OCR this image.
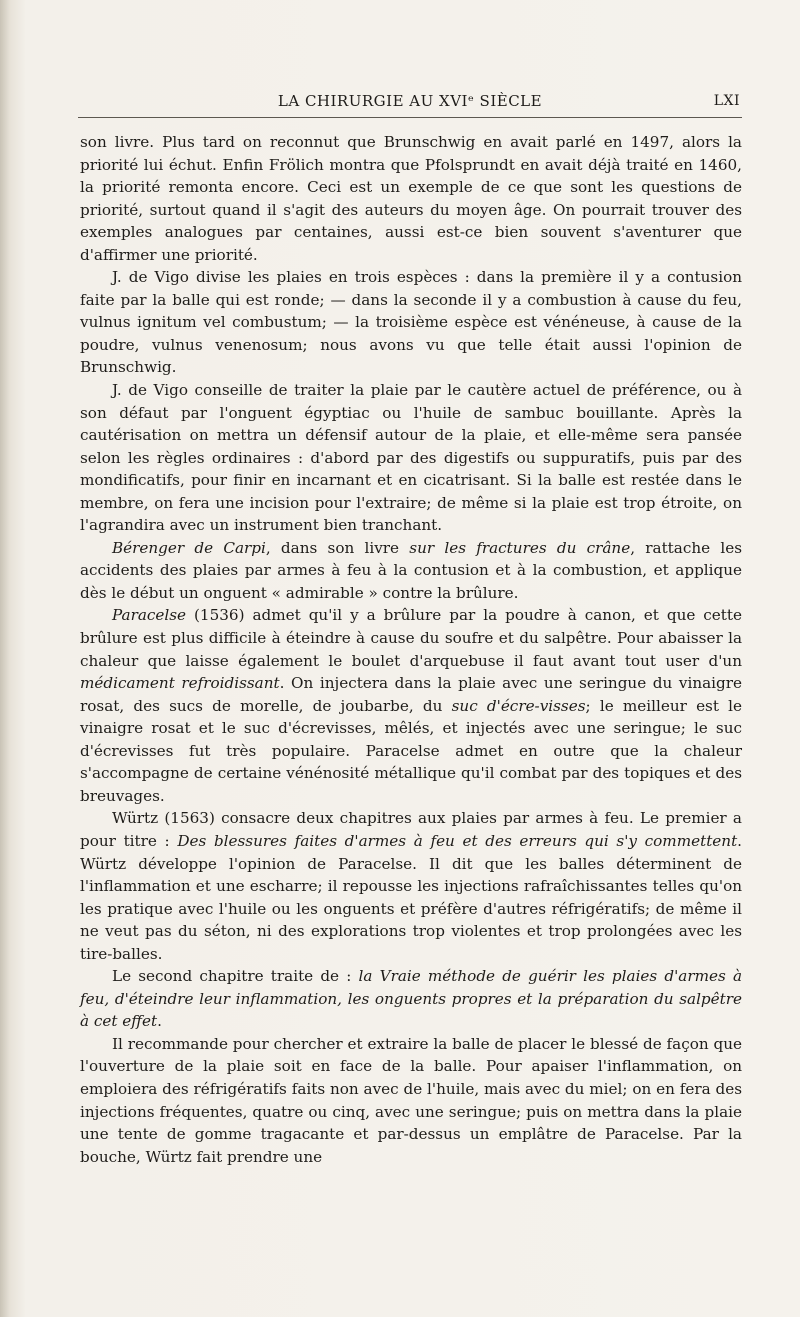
LA CHIRURGIE AU XVIᵉ SIÈCLE	LXI

son livre. Plus tard on reconnut que Brunschwig en avait parlé en 1497, alors la priorité lui échut. Enfin Frölich montra que Pfolsprundt en avait déjà traité en 1460, la priorité remonta encore. Ceci est un exemple de ce que sont les questions de priorité, surtout quand il s'agit des auteurs du moyen âge. On pourrait trouver des exemples analogues par centaines, aussi est-ce bien souvent s'aventurer que d'affirmer une priorité.

J. de Vigo divise les plaies en trois espèces : dans la première il y a contusion faite par la balle qui est ronde; — dans la seconde il y a combustion à cause du feu, vulnus ignitum vel combustum; — la troisième espèce est vénéneuse, à cause de la poudre, vulnus venenosum; nous avons vu que telle était aussi l'opinion de Brunschwig.

J. de Vigo conseille de traiter la plaie par le cautère actuel de préférence, ou à son défaut par l'onguent égyptiac ou l'huile de sambuc bouillante. Après la cautérisation on mettra un défensif autour de la plaie, et elle-même sera pansée selon les règles ordinaires : d'abord par des digestifs ou suppuratifs, puis par des mondificatifs, pour finir en incarnant et en cicatrisant. Si la balle est restée dans le membre, on fera une incision pour l'extraire; de même si la plaie est trop étroite, on l'agrandira avec un instrument bien tranchant.

Bérenger de Carpi, dans son livre sur les fractures du crâne, rattache les accidents des plaies par armes à feu à la contusion et à la combustion, et applique dès le début un onguent « admirable » contre la brûlure.

Paracelse (1536) admet qu'il y a brûlure par la poudre à canon, et que cette brûlure est plus difficile à éteindre à cause du soufre et du salpêtre. Pour abaisser la chaleur que laisse également le boulet d'arquebuse il faut avant tout user d'un médicament refroidissant. On injectera dans la plaie avec une seringue du vinaigre rosat, des sucs de morelle, de joubarbe, du suc d'écre-visses; le meilleur est le vinaigre rosat et le suc d'écrevisses, mêlés, et injectés avec une seringue; le suc d'écrevisses fut très populaire. Paracelse admet en outre que la chaleur s'accompagne de certaine vénénosité métallique qu'il combat par des topiques et des breuvages.

Würtz (1563) consacre deux chapitres aux plaies par armes à feu. Le premier a pour titre : Des blessures faites d'armes à feu et des erreurs qui s'y commettent. Würtz développe l'opinion de Paracelse. Il dit que les balles déterminent de l'inflammation et une escharre; il repousse les injections rafraîchissantes telles qu'on les pratique avec l'huile ou les onguents et préfère d'autres réfrigératifs; de même il ne veut pas du séton, ni des explorations trop violentes et trop prolongées avec les tire-balles.

Le second chapitre traite de : la Vraie méthode de guérir les plaies d'armes à feu, d'éteindre leur inflammation, les onguents propres et la préparation du salpêtre à cet effet.

Il recommande pour chercher et extraire la balle de placer le blessé de façon que l'ouverture de la plaie soit en face de la balle. Pour apaiser l'inflammation, on emploiera des réfrigératifs faits non avec de l'huile, mais avec du miel; on en fera des injections fréquentes, quatre ou cinq, avec une seringue; puis on mettra dans la plaie une tente de gomme tragacante et par-dessus un emplâtre de Paracelse. Par la bouche, Würtz fait prendre une
